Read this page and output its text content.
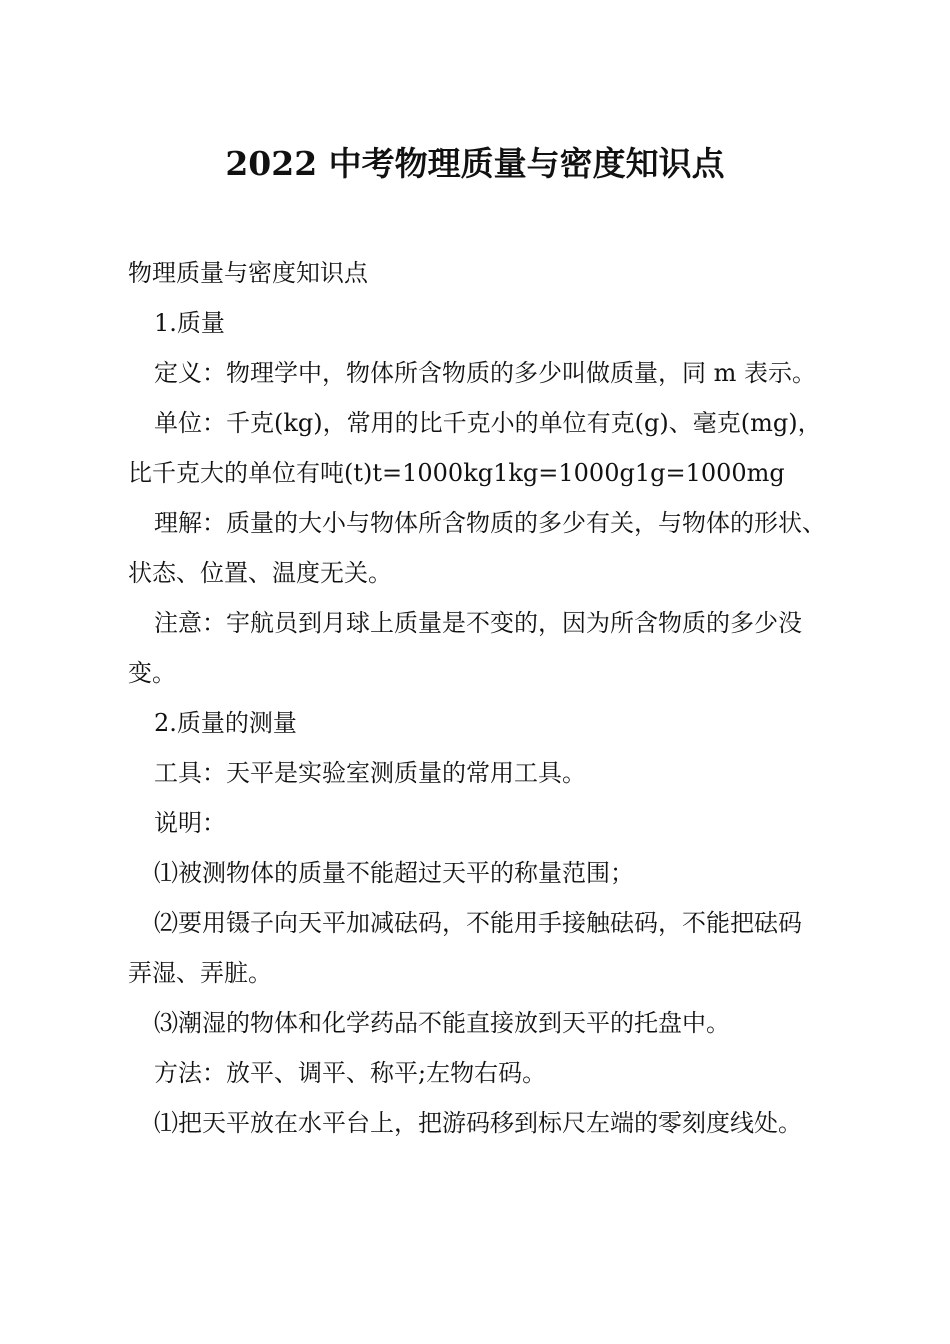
2022 中考物理质量与密度知识点

物理质量与密度知识点

1.质量

定义：物理学中，物体所含物质的多少叫做质量，同 m 表示。

单位：千克(kg)，常用的比千克小的单位有克(g)、毫克(mg)，

比千克大的单位有吨(t)t=1000kg1kg=1000g1g=1000mg

理解：质量的大小与物体所含物质的多少有关，与物体的形状、

状态、位置、温度无关。

注意：宇航员到月球上质量是不变的，因为所含物质的多少没

变。

2.质量的测量

工具：天平是实验室测质量的常用工具。

说明：

⑴被测物体的质量不能超过天平的称量范围；

⑵要用镊子向天平加减砝码，不能用手接触砝码，不能把砝码

弄湿、弄脏。

⑶潮湿的物体和化学药品不能直接放到天平的托盘中。

方法：放平、调平、称平;左物右码。

⑴把天平放在水平台上，把游码移到标尺左端的零刻度线处。
